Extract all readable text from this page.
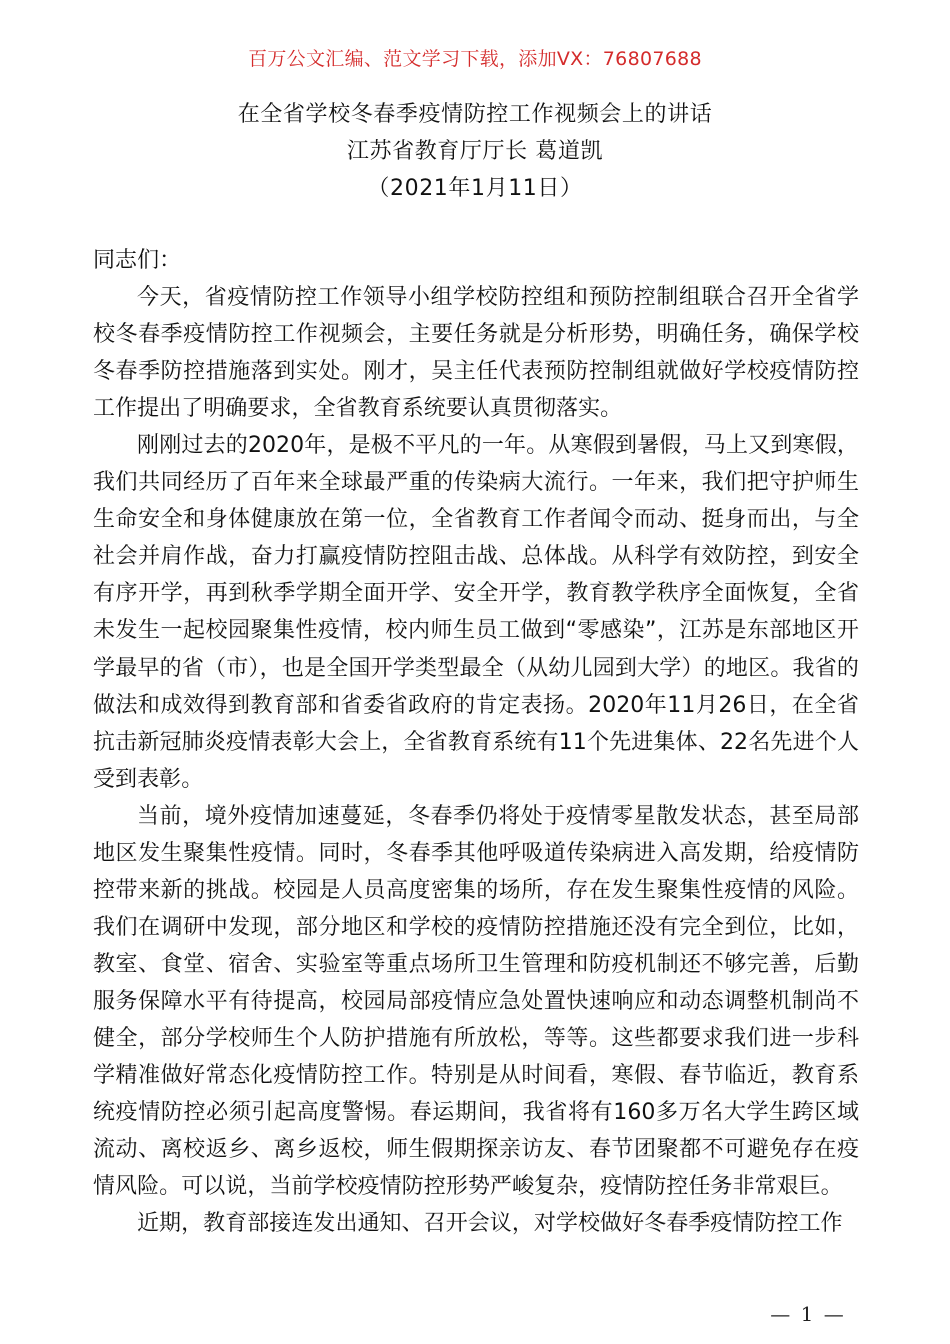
百万公文汇编、范文学习下载，添加VX：76807688
在全省学校冬春季疫情防控工作视频会上的讲话
江苏省教育厅厅长 葛道凯
（2021年1月11日）

同志们：

今天，省疫情防控工作领导小组学校防控组和预防控制组联合召开全省学校冬春季疫情防控工作视频会，主要任务就是分析形势，明确任务，确保学校冬春季防控措施落到实处。刚才，吴主任代表预防控制组就做好学校疫情防控工作提出了明确要求，全省教育系统要认真贯彻落实。

刚刚过去的2020年，是极不平凡的一年。从寒假到暑假，马上又到寒假，我们共同经历了百年来全球最严重的传染病大流行。一年来，我们把守护师生生命安全和身体健康放在第一位，全省教育工作者闻令而动、挺身而出，与全社会并肩作战，奋力打赢疫情防控阻击战、总体战。从科学有效防控，到安全有序开学，再到秋季学期全面开学、安全开学，教育教学秩序全面恢复，全省未发生一起校园聚集性疫情，校内师生员工做到“零感染”，江苏是东部地区开学最早的省（市），也是全国开学类型最全（从幼儿园到大学）的地区。我省的做法和成效得到教育部和省委省政府的肯定表扬。2020年11月26日，在全省抗击新冠肺炎疫情表彰大会上，全省教育系统有11个先进集体、22名先进个人受到表彰。

当前，境外疫情加速蔓延，冬春季仍将处于疫情零星散发状态，甚至局部地区发生聚集性疫情。同时，冬春季其他呼吸道传染病进入高发期，给疫情防控带来新的挑战。校园是人员高度密集的场所，存在发生聚集性疫情的风险。我们在调研中发现，部分地区和学校的疫情防控措施还没有完全到位，比如，教室、食堂、宿舍、实验室等重点场所卫生管理和防疫机制还不够完善，后勤服务保障水平有待提高，校园局部疫情应急处置快速响应和动态调整机制尚不健全，部分学校师生个人防护措施有所放松，等等。这些都要求我们进一步科学精准做好常态化疫情防控工作。特别是从时间看，寒假、春节临近，教育系统疫情防控必须引起高度警惕。春运期间，我省将有160多万名大学生跨区域流动、离校返乡、离乡返校，师生假期探亲访友、春节团聚都不可避免存在疫情风险。可以说，当前学校疫情防控形势严峻复杂，疫情防控任务非常艰巨。

近期，教育部接连发出通知、召开会议，对学校做好冬春季疫情防控工作

— 1 —
